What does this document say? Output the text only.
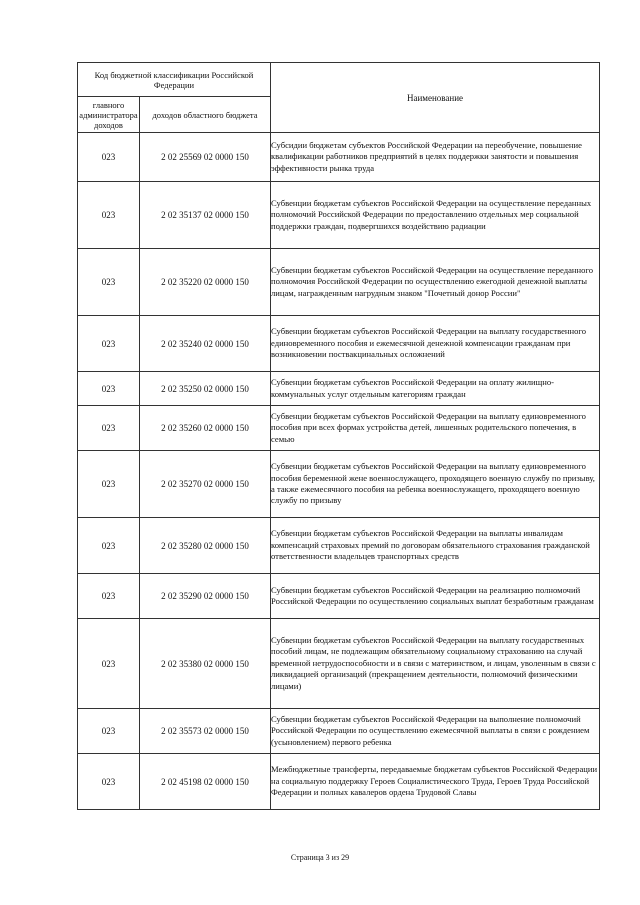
Код бюджетной классификации Российской Федерации		Наименование
главного администратора доходов	доходов областного бюджета	
023	2 02 25569 02 0000 150	Субсидии бюджетам субъектов Российской Федерации на переобучение, повышение квалификации работников предприятий в целях поддержки занятости и повышения эффективности рынка труда
023	2 02 35137 02 0000 150	Субвенции бюджетам субъектов Российской Федерации на осуществление переданных полномочий Российской Федерации по предоставлению отдельных мер социальной поддержки граждан, подвергшихся воздействию радиации
023	2 02 35220 02 0000 150	Субвенции бюджетам субъектов Российской Федерации на осуществление переданного полномочия Российской Федерации по осуществлению ежегодной денежной выплаты лицам, награжденным нагрудным знаком "Почетный донор России"
023	2 02 35240 02 0000 150	Субвенции бюджетам субъектов Российской Федерации на выплату государственного единовременного пособия и ежемесячной денежной компенсации гражданам при возникновении поствакцинальных осложнений
023	2 02 35250 02 0000 150	Субвенции бюджетам субъектов Российской Федерации на оплату жилищно-коммунальных услуг отдельным категориям граждан
023	2 02 35260 02 0000 150	Субвенции бюджетам субъектов Российской Федерации на выплату единовременного пособия при всех формах устройства детей, лишенных родительского попечения, в семью
023	2 02 35270 02 0000 150	Субвенции бюджетам субъектов Российской Федерации на выплату единовременного пособия беременной жене военнослужащего, проходящего военную службу по призыву, а также ежемесячного пособия на ребенка военнослужащего, проходящего военную службу по призыву
023	2 02 35280 02 0000 150	Субвенции бюджетам субъектов Российской Федерации на выплаты инвалидам компенсаций страховых премий по договорам обязательного страхования гражданской ответственности владельцев транспортных средств
023	2 02 35290 02 0000 150	Субвенции бюджетам субъектов Российской Федерации на реализацию полномочий Российской Федерации по осуществлению социальных выплат безработным гражданам
023	2 02 35380 02 0000 150	Субвенции бюджетам субъектов Российской Федерации на выплату государственных пособий лицам, не подлежащим обязательному социальному страхованию на случай временной нетрудоспособности и в связи с материнством, и лицам, уволенным в связи с ликвидацией организаций (прекращением деятельности, полномочий физическими лицами)
023	2 02 35573 02 0000 150	Субвенции бюджетам субъектов Российской Федерации на выполнение полномочий Российской Федерации по осуществлению ежемесячной выплаты в связи с рождением (усыновлением) первого ребенка
023	2 02 45198 02 0000 150	Межбюджетные трансферты, передаваемые бюджетам субъектов Российской Федерации на социальную поддержку Героев Социалистического Труда, Героев Труда Российской Федерации и полных кавалеров ордена Трудовой Славы
Страница 3 из 29
